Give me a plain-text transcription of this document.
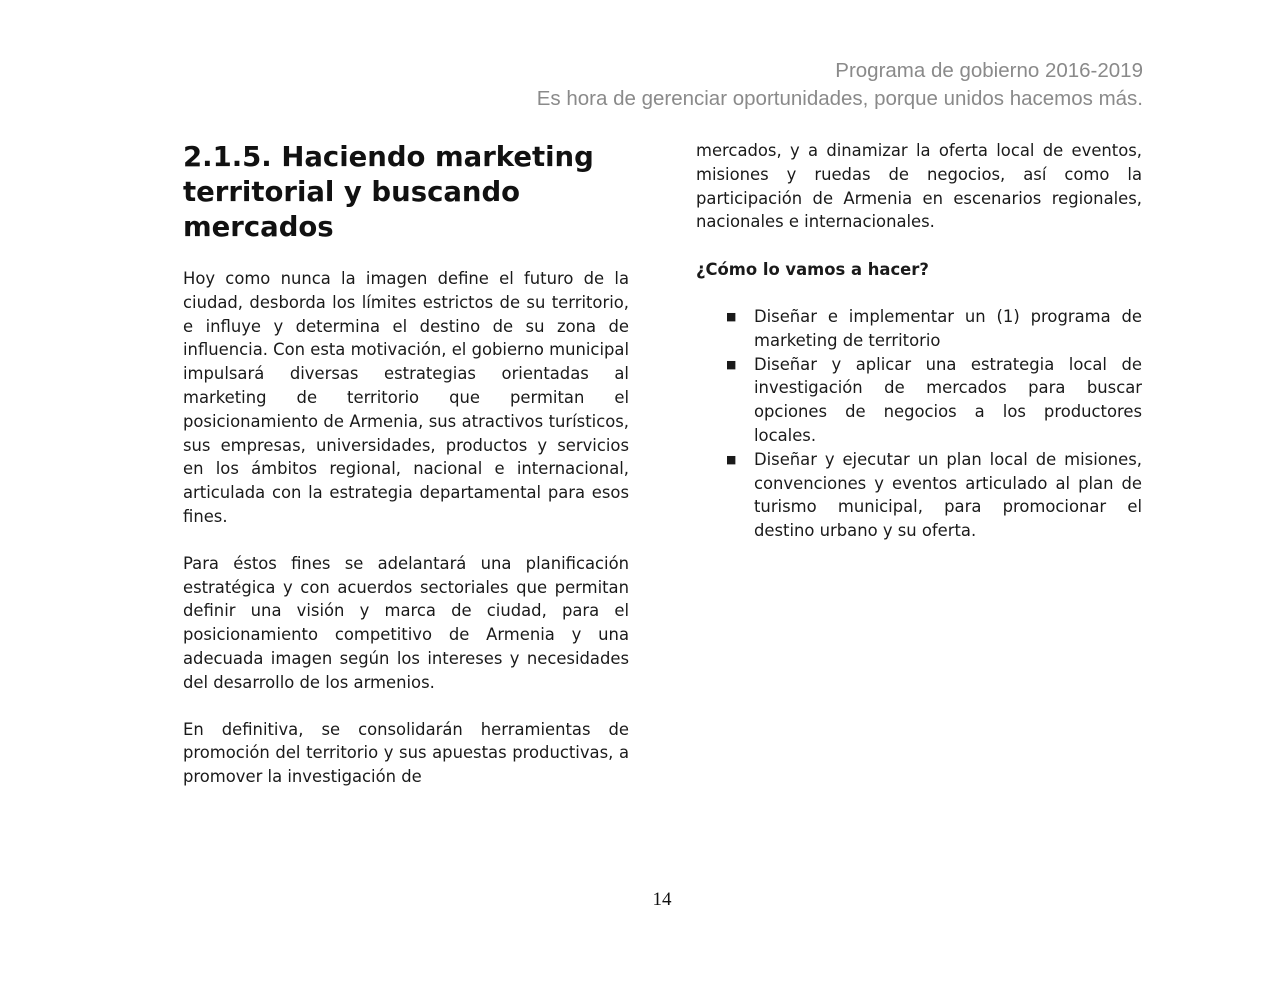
Programa de gobierno 2016-2019
Es hora de gerenciar oportunidades, porque unidos hacemos más.
2.1.5. Haciendo marketing territorial y buscando mercados

Hoy como nunca la imagen define el futuro de la ciudad, desborda los límites estrictos de su territorio, e influye y determina el destino de su zona de influencia. Con esta motivación, el gobierno municipal impulsará diversas estrategias orientadas al marketing de territorio que permitan el posicionamiento de Armenia, sus atractivos turísticos, sus empresas, universidades, productos y servicios en los ámbitos regional, nacional e internacional, articulada con la estrategia departamental para esos fines.

Para éstos fines se adelantará una planificación estratégica y con acuerdos sectoriales que permitan definir una visión y marca de ciudad, para el posicionamiento competitivo de Armenia y una adecuada imagen según los intereses y necesidades del desarrollo de los armenios.

En definitiva, se consolidarán herramientas de promoción del territorio y sus apuestas productivas, a promover la investigación de

mercados, y a dinamizar la oferta local de eventos, misiones y ruedas de negocios, así como la participación de Armenia en escenarios regionales, nacionales e internacionales.

¿Cómo lo vamos a hacer?
■ Diseñar e implementar un (1) programa de marketing de territorio
■ Diseñar y aplicar una estrategia local de investigación de mercados para buscar opciones de negocios a los productores locales.
■ Diseñar y ejecutar un plan local de misiones, convenciones y eventos articulado al plan de turismo municipal, para promocionar el destino urbano y su oferta.
14
